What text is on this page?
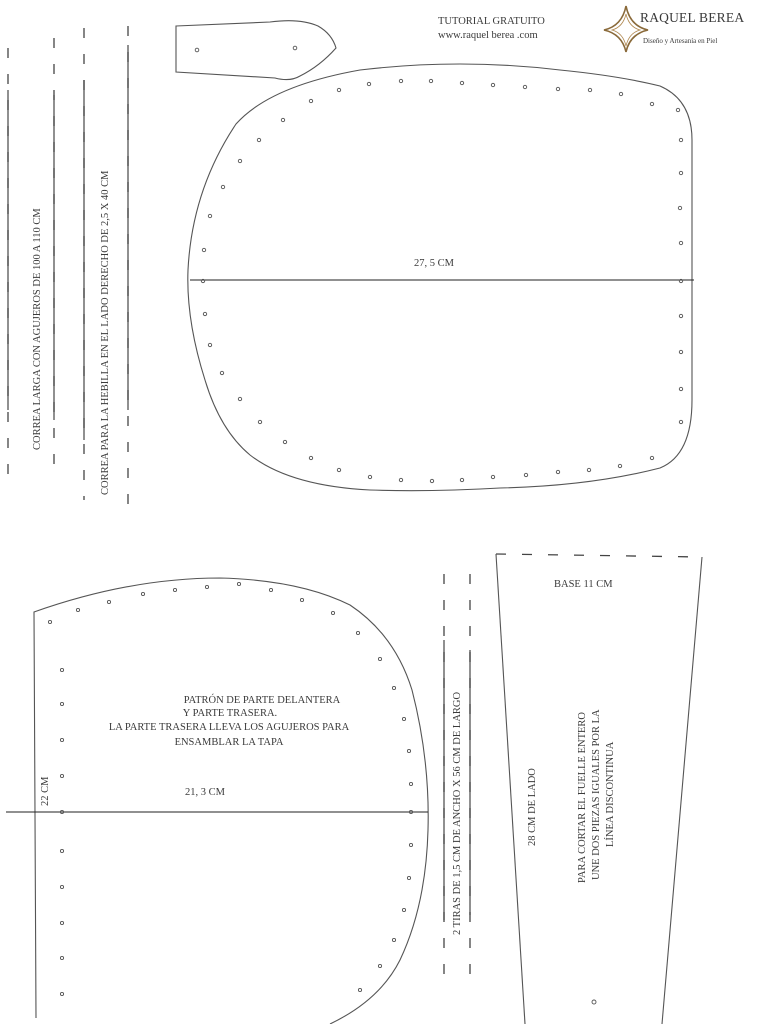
TUTORIAL GRATUITO
www.raquel berea .com
RAQUEL BEREA
Diseño y Artesanía en Piel
CORREA LARGA CON AGUJEROS DE 100 A 110 CM	CORREA PARA LA HEBILLA EN EL LADO DERECHO DE 2,5 X 40 CM	27, 5 CM
PATRÓN DE PARTE DELANTERA
Y PARTE TRASERA.
LA PARTE TRASERA LLEVA LOS AGUJEROS PARA
ENSAMBLAR LA TAPA
21, 3 CM
22 CM	2 TIRAS DE 1,5 CM DE ANCHO X 56 CM DE LARGO
BASE 11 CM
28 CM DE LADO	PARA CORTAR EL FUELLE ENTERO UNE DOS PIEZAS IGUALES POR LA LÍNEA DISCONTINUA
